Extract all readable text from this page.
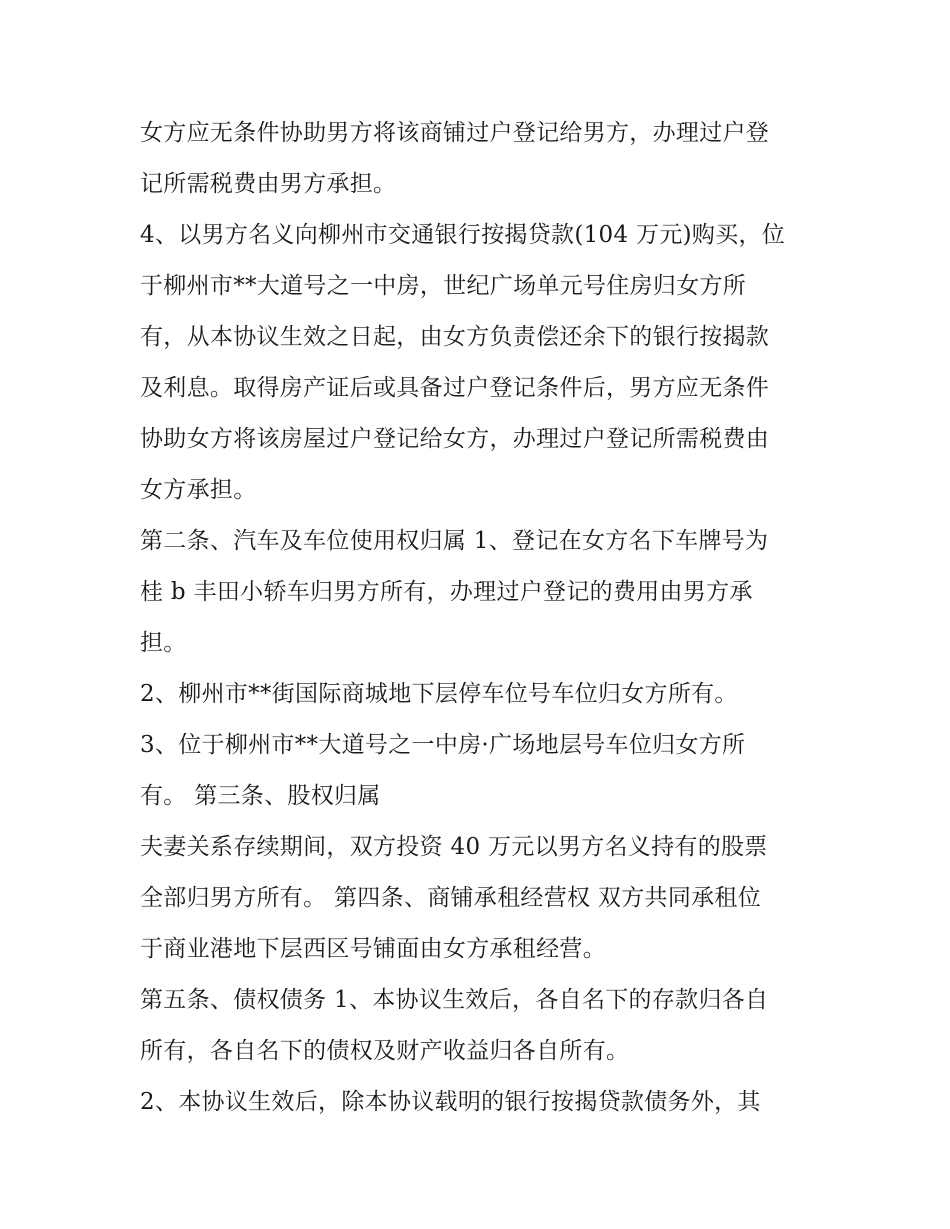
女方应无条件协助男方将该商铺过户登记给男方，办理过户登
记所需税费由男方承担。
4、以男方名义向柳州市交通银行按揭贷款(104 万元)购买，位
于柳州市**大道号之一中房，世纪广场单元号住房归女方所
有，从本协议生效之日起，由女方负责偿还余下的银行按揭款
及利息。取得房产证后或具备过户登记条件后，男方应无条件
协助女方将该房屋过户登记给女方，办理过户登记所需税费由
女方承担。
第二条、汽车及车位使用权归属 1、登记在女方名下车牌号为
桂 b 丰田小轿车归男方所有，办理过户登记的费用由男方承
担。
2、柳州市**街国际商城地下层停车位号车位归女方所有。
3、位于柳州市**大道号之一中房·广场地层号车位归女方所
有。 第三条、股权归属
夫妻关系存续期间，双方投资 40 万元以男方名义持有的股票
全部归男方所有。 第四条、商铺承租经营权 双方共同承租位
于商业港地下层西区号铺面由女方承租经营。
第五条、债权债务 1、本协议生效后，各自名下的存款归各自
所有，各自名下的债权及财产收益归各自所有。
2、本协议生效后，除本协议载明的银行按揭贷款债务外，其
